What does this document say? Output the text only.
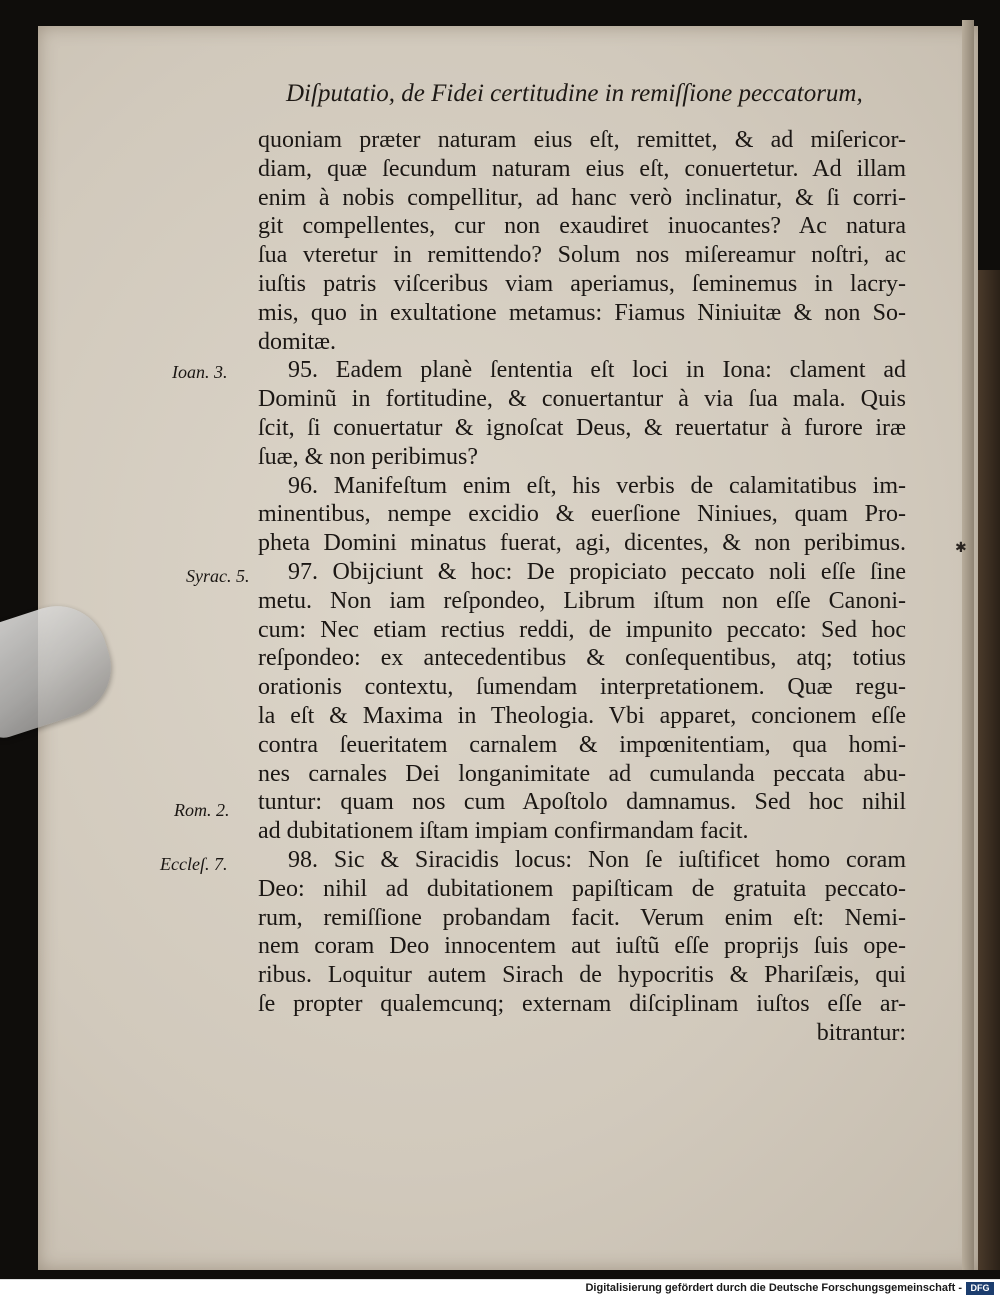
Diſputatio, de Fidei certitudine in remiſſione peccatorum,
quoniam præter naturam eius eſt, remittet, & ad miſericor-
diam, quæ ſecundum naturam eius eſt, conuertetur. Ad illam
enim à nobis compellitur, ad hanc verò inclinatur, & ſi corri-
git compellentes, cur non exaudiret inuocantes? Ac natura
ſua vteretur in remittendo? Solum nos miſereamur noſtri, ac
iuſtis patris viſceribus viam aperiamus, ſeminemus in lacry-
mis, quo in exultatione metamus: Fiamus Niniuitæ & non So-
domitæ.
95. Eadem planè ſententia eſt loci in Iona: clament ad
Dominũ in fortitudine, & conuertantur à via ſua mala. Quis
ſcit, ſi conuertatur & ignoſcat Deus, & reuertatur à furore iræ
ſuæ, & non peribimus?
96. Manifeſtum enim eſt, his verbis de calamitatibus im-
minentibus, nempe excidio & euerſione Niniues, quam Pro-
pheta Domini minatus fuerat, agi, dicentes, & non peribimus.
97. Obijciunt & hoc: De propiciato peccato noli eſſe ſine
metu. Non iam reſpondeo, Librum iſtum non eſſe Canoni-
cum: Nec etiam rectius reddi, de impunito peccato: Sed hoc
reſpondeo: ex antecedentibus & conſequentibus, atq; totius
orationis contextu, ſumendam interpretationem. Quæ regu-
la eſt & Maxima in Theologia. Vbi apparet, concionem eſſe
contra ſeueritatem carnalem & impœnitentiam, qua homi-
nes carnales Dei longanimitate ad cumulanda peccata abu-
tuntur: quam nos cum Apoſtolo damnamus. Sed hoc nihil
ad dubitationem iſtam impiam confirmandam facit.
98. Sic & Siracidis locus: Non ſe iuſtificet homo coram
Deo: nihil ad dubitationem papiſticam de gratuita peccato-
rum, remiſſione probandam facit. Verum enim eſt: Nemi-
nem coram Deo innocentem aut iuſtũ eſſe proprijs ſuis ope-
ribus. Loquitur autem Sirach de hypocritis & Phariſæis, qui
ſe propter qualemcunq; externam diſciplinam iuſtos eſſe ar-
bitrantur:
Ioan. 3.
Syrac. 5.
Rom. 2.
Eccleſ. 7.
✱
Digitalisierung gefördert durch die Deutsche Forschungsgemeinschaft - DFG
